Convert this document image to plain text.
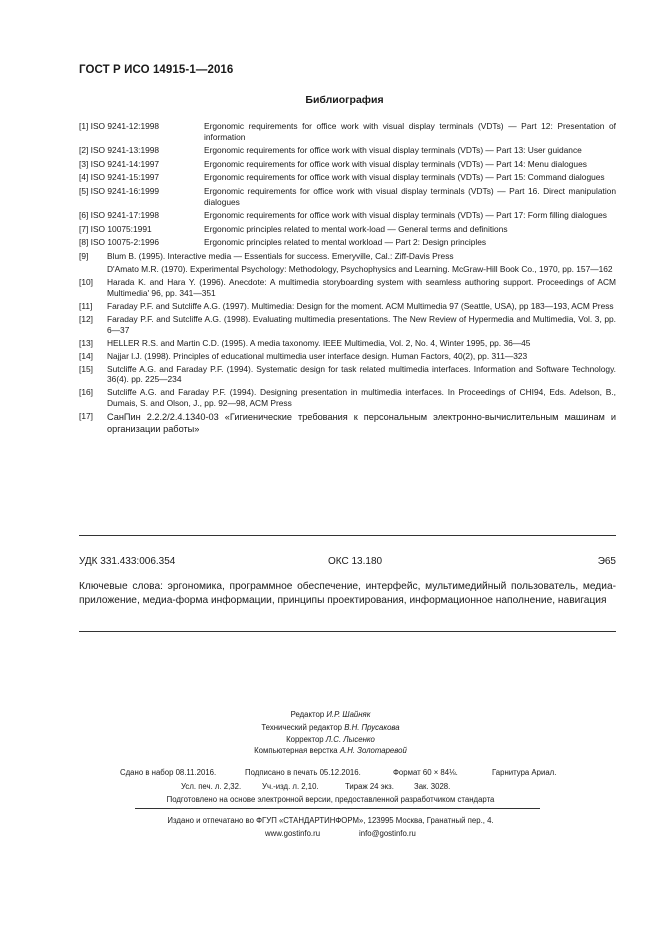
ГОСТ Р ИСО 14915-1—2016
Библиография
[1] ISO 9241-12:1998	Ergonomic requirements for office work with visual display terminals (VDTs) — Part 12: Presentation of information
[2] ISO 9241-13:1998	Ergonomic requirements for office work with visual display terminals (VDTs) — Part 13: User guidance
[3] ISO 9241-14:1997	Ergonomic requirements for office work with visual display terminals (VDTs) — Part 14: Menu dialogues
[4] ISO 9241-15:1997	Ergonomic requirements for office work with visual display terminals (VDTs) — Part 15: Command dialogues
[5] ISO 9241-16:1999	Ergonomic requirements for office work with visual display terminals (VDTs) — Part 16. Direct manipulation dialogues
[6] ISO 9241-17:1998	Ergonomic requirements for office work with visual display terminals (VDTs) — Part 17: Form filling dialogues
[7] ISO 10075:1991	Ergonomic principles related to mental work-load — General terms and definitions
[8] ISO 10075-2:1996	Ergonomic principles related to mental workload — Part 2: Design principles
[9]	Blum B. (1995). Interactive media — Essentials for success. Emeryville, Cal.: Ziff-Davis Press
D'Amato M.R. (1970). Experimental Psychology: Methodology, Psychophysics and Learning. McGraw-Hill Book Co., 1970, pp. 157—162
[10]	Harada K. and Hara Y. (1996). Anecdote: A multimedia storyboarding system with seamless authoring support. Proceedings of ACM Multimedia' 96, pp. 341—351
[11]	Faraday P.F. and Sutcliffe A.G. (1997). Multimedia: Design for the moment. ACM Multimedia 97 (Seattle, USA), pp 183—193, ACM Press
[12]	Faraday P.F. and Sutcliffe A.G. (1998). Evaluating multimedia presentations. The New Review of Hypermedia and Multimedia, Vol. 3, pp. 6—37
[13]	HELLER R.S. and Martin C.D. (1995). A media taxonomy. IEEE Multimedia, Vol. 2, No. 4, Winter 1995, pp. 36—45
[14]	Najjar l.J. (1998). Principles of educational multimedia user interface design. Human Factors, 40(2), pp. 311—323
[15]	Sutcliffe A.G. and Faraday P.F. (1994). Systematic design for task related multimedia interfaces. Information and Software Technology. 36(4). pp. 225—234
[16]	Sutcliffe A.G. and Faraday P.F. (1994). Designing presentation in multimedia interfaces. In Proceedings of CHI94, Eds. Adelson, B., Dumais, S. and Olson, J., pp. 92—98, ACM Press
[17]	СанПин 2.2.2/2.4.1340-03 «Гигиенические требования к персональным электронно-вычислительным машинам и организации работы»
УДК 331.433:006.354	ОКС 13.180	Э65
Ключевые слова: эргономика, программное обеспечение, интерфейс, мультимедийный пользователь, медиа-приложение, медиа-форма информации, принципы проектирования, информационное наполнение, навигация
Редактор И.Р. Шайняк
Технический редактор В.Н. Прусакова
Корректор Л.С. Лысенко
Компьютерная верстка А.Н. Золотаревой
Сдано в набор 08.11.2016.	Подписано в печать 05.12.2016.	Формат 60 × 84⅛.	Гарнитура Ариал.
Усл. печ. л. 2,32.	Уч.-изд. л. 2,10.	Тираж 24 экз.	Зак. 3028.
Подготовлено на основе электронной версии, предоставленной разработчиком стандарта
Издано и отпечатано во ФГУП «СТАНДАРТИНФОРМ», 123995 Москва, Гранатный пер., 4.
www.gostinfo.ru	info@gostinfo.ru
